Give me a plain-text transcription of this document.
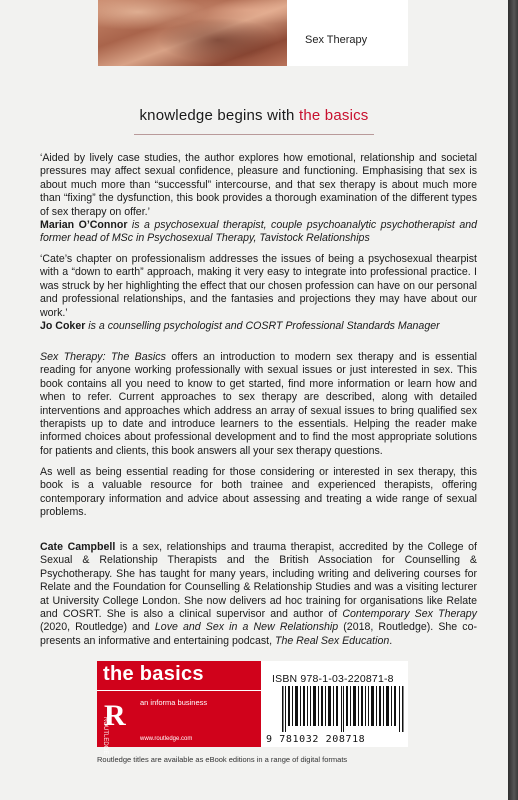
Sex Therapy
knowledge begins with the basics

‘Aided by lively case studies, the author explores how emotional, relationship and societal pressures may affect sexual confidence, pleasure and functioning. Emphasising that sex is about much more than “successful” intercourse, and that sex therapy is about much more than “fixing” the dysfunction, this book provides a thorough examination of the different types of sex therapy on offer.’

Marian O’Connor is a psychosexual therapist, couple psychoanalytic psychotherapist and former head of MSc in Psychosexual Therapy, Tavistock Relationships

‘Cate’s chapter on professionalism addresses the issues of being a psychosexual thearpist with a “down to earth” approach, making it very easy to integrate into professional practice. I was struck by her highlighting the effect that our chosen profession can have on our personal and professional relationships, and the fantasies and projections they may have about our work.’

Jo Coker is a counselling psychologist and COSRT Professional Standards Manager

Sex Therapy: The Basics offers an introduction to modern sex therapy and is essential reading for anyone working professionally with sexual issues or just interested in sex. This book contains all you need to know to get started, find more information or learn how and when to refer. Current approaches to sex therapy are described, along with detailed interventions and approaches which address an array of sexual issues to bring qualified sex therapists up to date and introduce learners to the essentials. Helping the reader make informed choices about professional development and to find the most appropriate solutions for patients and clients, this book answers all your sex therapy questions.

As well as being essential reading for those considering or interested in sex therapy, this book is a valuable resource for both trainee and experienced therapists, offering contemporary information and advice about assessing and treating a wide range of sexual problems.

Cate Campbell is a sex, relationships and trauma therapist, accredited by the College of Sexual & Relationship Therapists and the British Association for Counselling & Psychotherapy. She has taught for many years, including writing and delivering courses for Relate and the Foundation for Counselling & Relationship Studies and was a visiting lecturer at University College London. She now delivers ad hoc training for organisations like Relate and COSRT. She is also a clinical supervisor and author of Contemporary Sex Therapy (2020, Routledge) and Love and Sex in a New Relationship (2018, Routledge). She co-presents an informative and entertaining podcast, The Real Sex Education.

the basics
R
ROUTLEDGE
an informa business
www.routledge.com
ISBN 978-1-03-220871-8
9 781032 208718
Routledge titles are available as eBook editions in a range of digital formats
